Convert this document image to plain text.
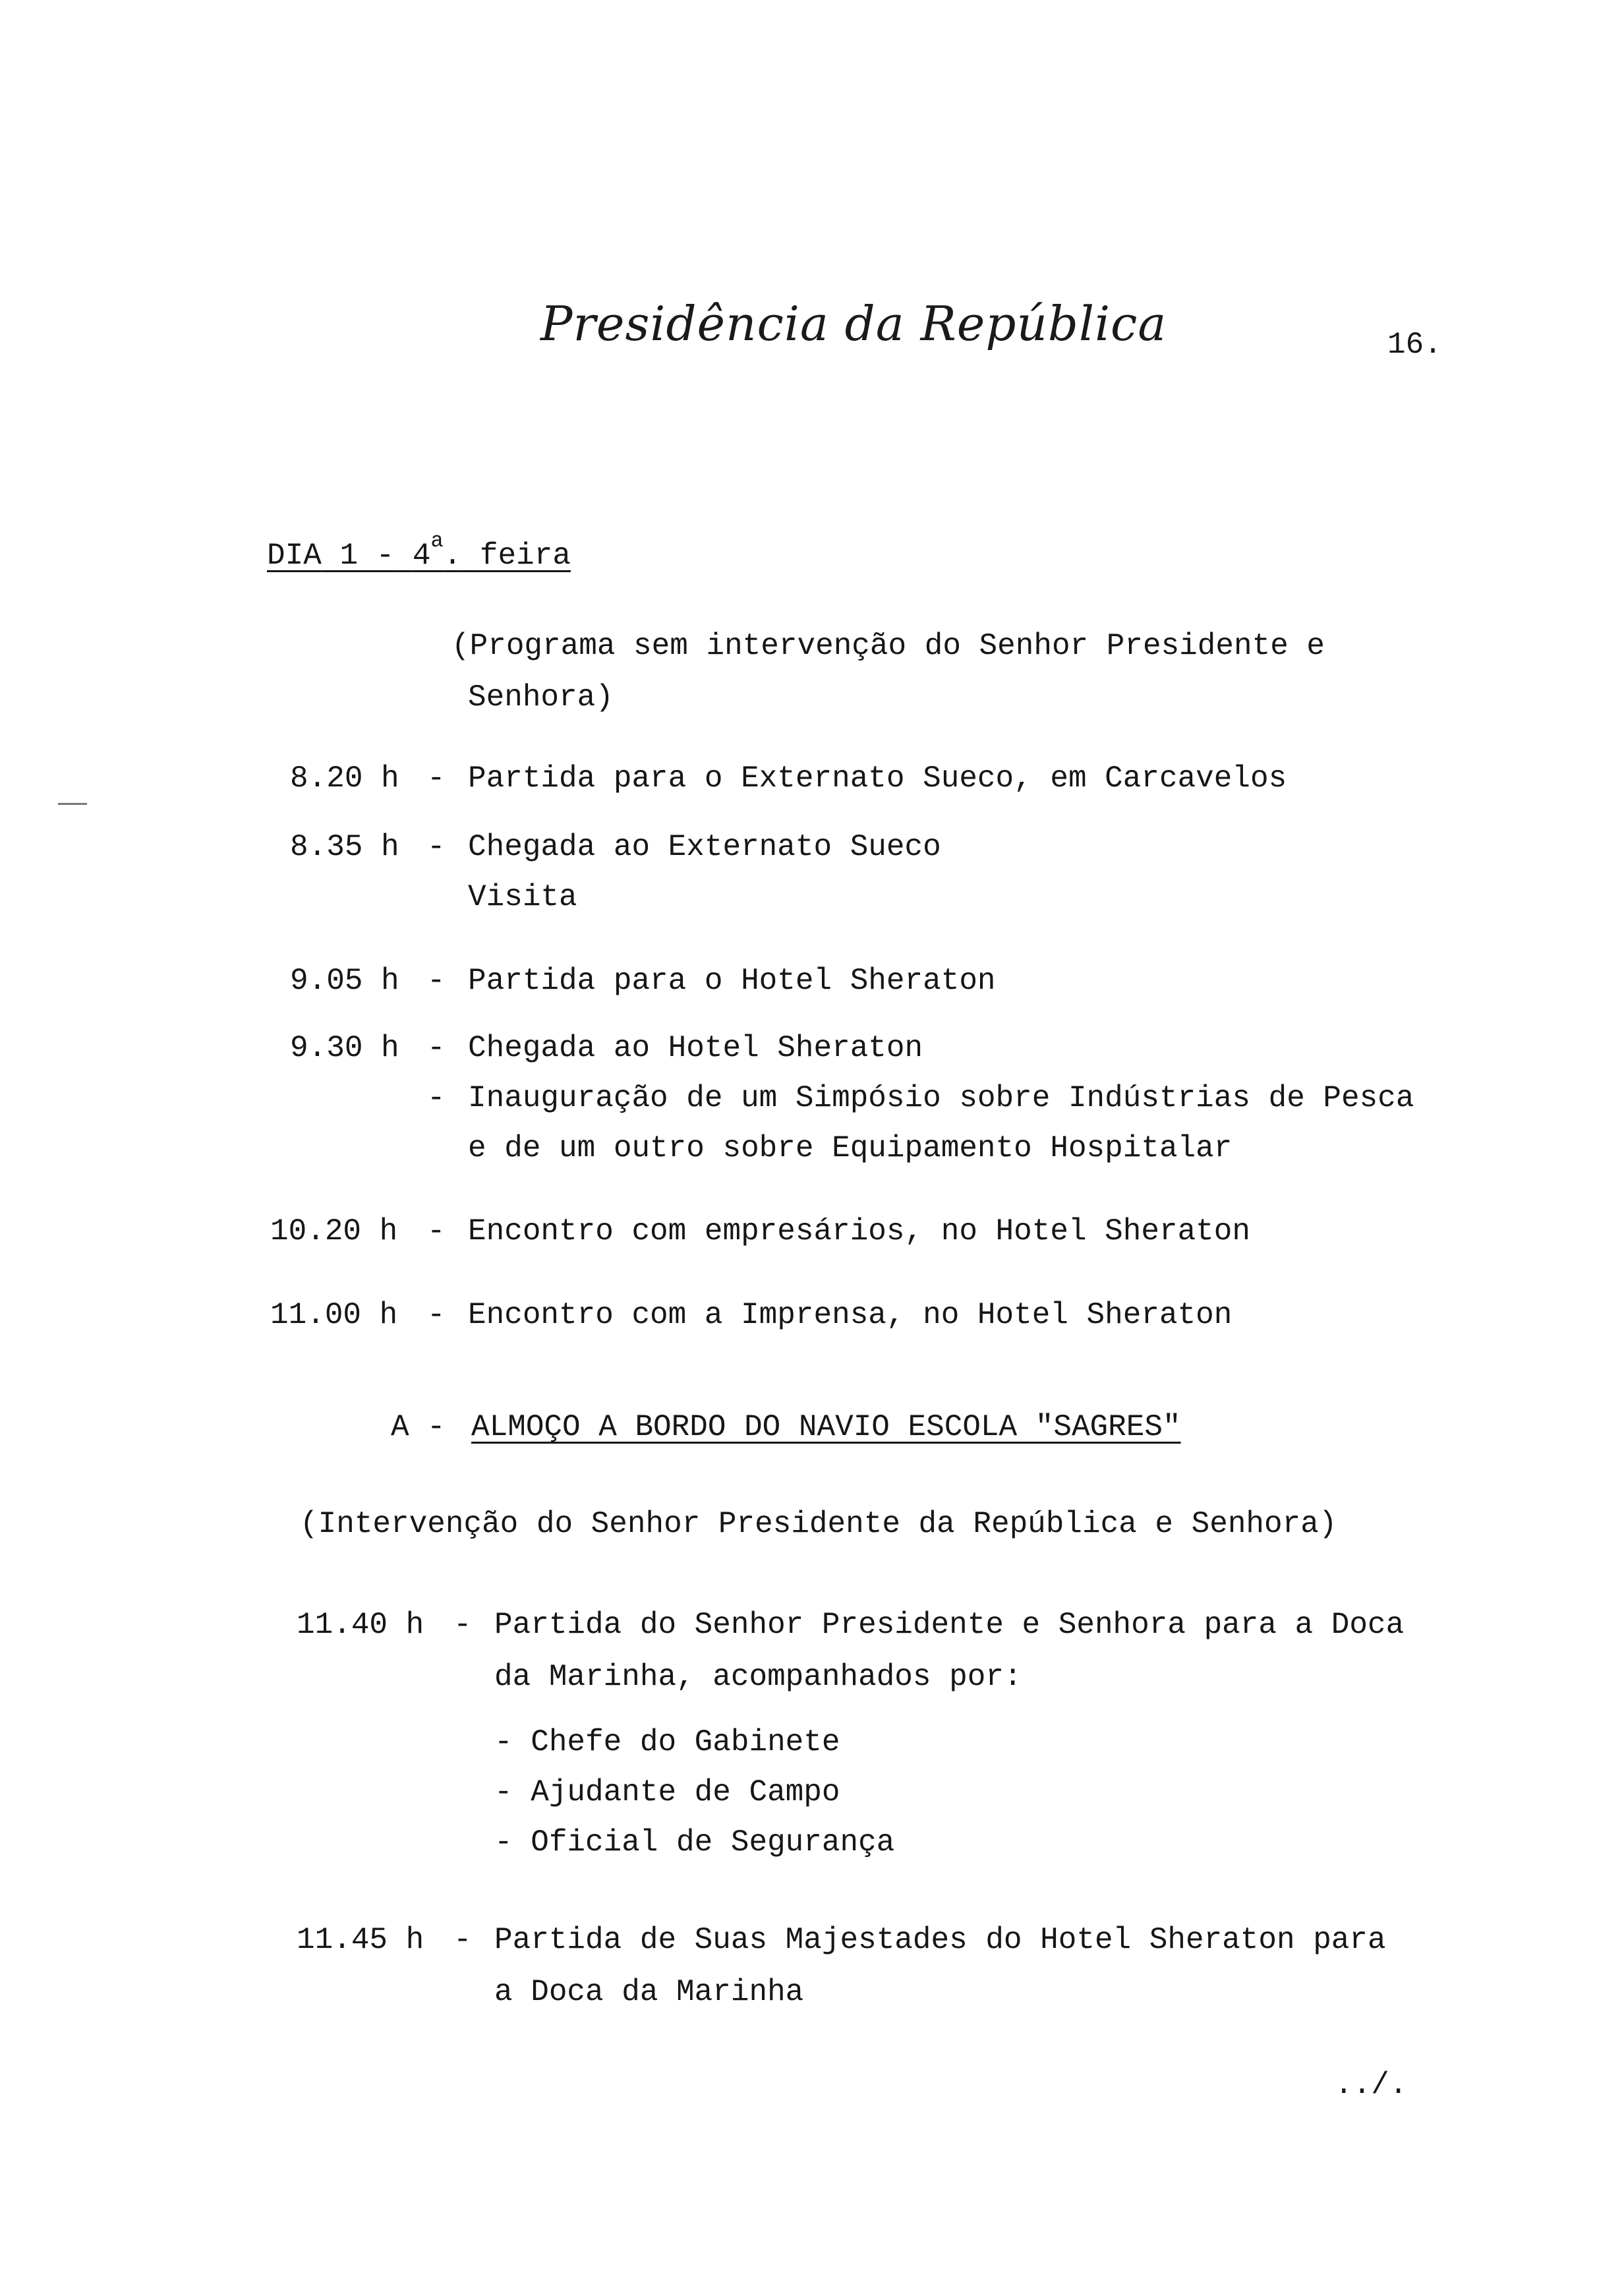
Presidência da República	16.
DIA 1 - 4$^a$. feira
(Programa sem intervenção do Senhor Presidente e
Senhora)
8.20 h - Partida para o Externato Sueco, em Carcavelos
8.35 h - Chegada ao Externato Sueco
Visita
9.05 h - Partida para o Hotel Sheraton
9.30 h - Chegada ao Hotel Sheraton
- Inauguração de um Simpósio sobre Indústrias de Pesca
e de um outro sobre Equipamento Hospitalar
10.20 h - Encontro com empresários, no Hotel Sheraton
11.00 h - Encontro com a Imprensa, no Hotel Sheraton
A - ALMOÇO A BORDO DO NAVIO ESCOLA "SAGRES"
(Intervenção do Senhor Presidente da República e Senhora)
11.40 h - Partida do Senhor Presidente e Senhora para a Doca
da Marinha, acompanhados por:
- Chefe do Gabinete
- Ajudante de Campo
- Oficial de Segurança
11.45 h - Partida de Suas Majestades do Hotel Sheraton para
a Doca da Marinha
../.
